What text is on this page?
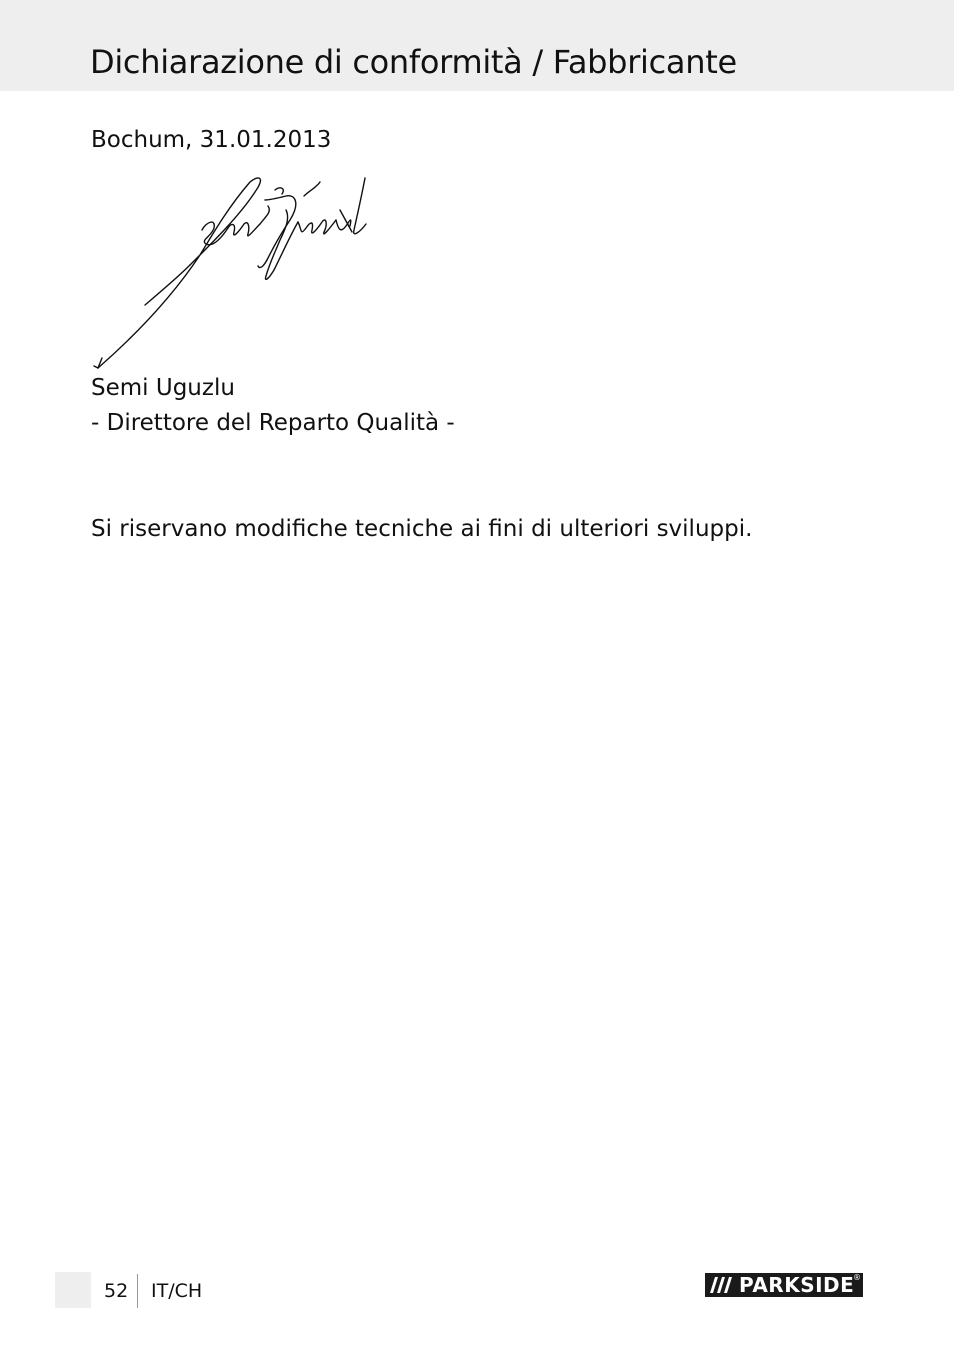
Dichiarazione di conformità / Fabbricante
Bochum, 31.01.2013
Semi Uguzlu
- Direttore del Reparto Qualità -
Si riservano modifiche tecniche ai fini di ulteriori sviluppi.
52 IT/CH	PARKSIDE
®
